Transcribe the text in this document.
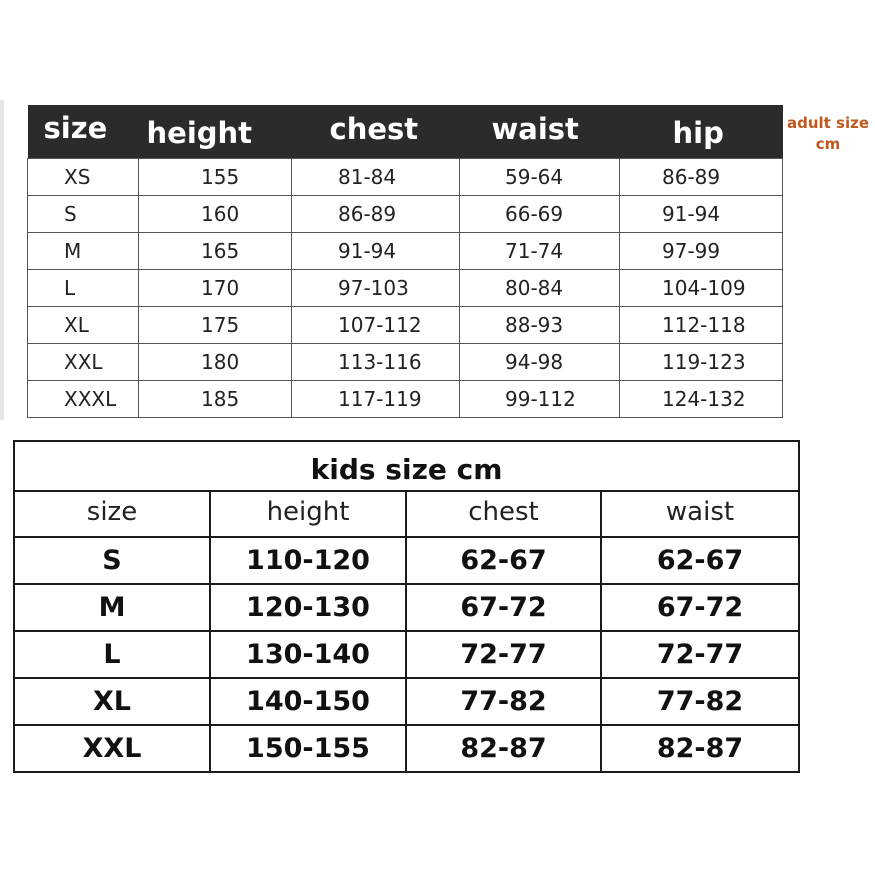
size	height	chest	waist	hip
XS	155	81-84	59-64	86-89
S	160	86-89	66-69	91-94
M	165	91-94	71-74	97-99
L	170	97-103	80-84	104-109
XL	175	107-112	88-93	112-118
XXL	180	113-116	94-98	119-123
XXXL	185	117-119	99-112	124-132
adult size
cm
kids size cm			
size	height	chest	waist
S	110-120	62-67	62-67
M	120-130	67-72	67-72
L	130-140	72-77	72-77
XL	140-150	77-82	77-82
XXL	150-155	82-87	82-87
